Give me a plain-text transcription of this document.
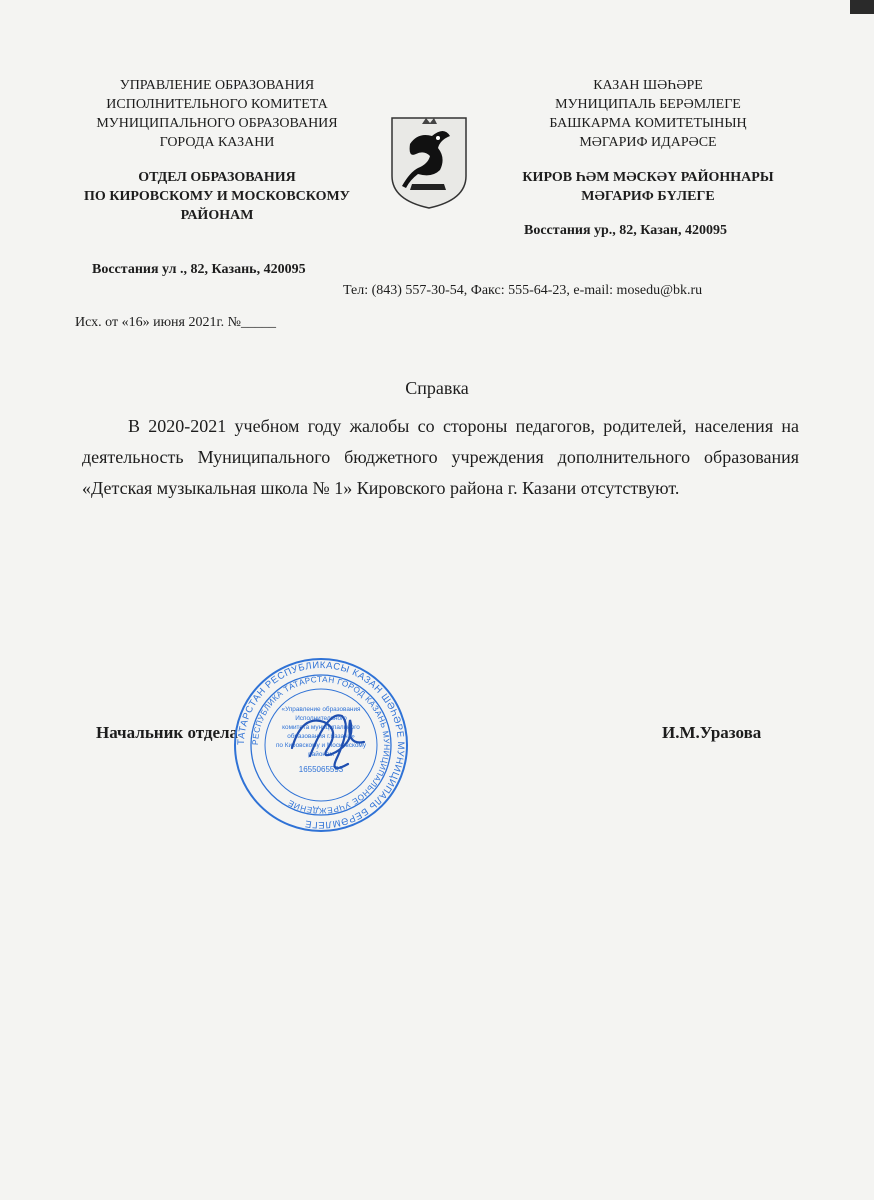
УПРАВЛЕНИЕ ОБРАЗОВАНИЯ
ИСПОЛНИТЕЛЬНОГО КОМИТЕТА
МУНИЦИПАЛЬНОГО ОБРАЗОВАНИЯ
ГОРОДА КАЗАНИ
ОТДЕЛ ОБРАЗОВАНИЯ
ПО КИРОВСКОМУ И МОСКОВСКОМУ
РАЙОНАМ
КАЗАН ШӘҺӘРЕ
МУНИЦИПАЛЬ БЕРӘМЛЕГЕ
БАШКАРМА КОМИТЕТЫНЫҢ
МӘГАРИФ ИДАРӘСЕ
КИРОВ ҺӘМ МӘСКӘҮ РАЙОННАРЫ
МӘГАРИФ БҮЛЕГЕ
Восстания ур., 82, Казан, 420095
Восстания ул ., 82, Казань, 420095
Тел: (843) 557-30-54, Факс: 555-64-23, e-mail: mosedu@bk.ru
Исх. от «16» июня 2021г. №_____
Справка
В 2020-2021 учебном году жалобы со стороны педагогов, родителей, населения на деятельность Муниципального бюджетного учреждения дополнительного образования «Детская музыкальная школа № 1» Кировского района г. Казани отсутствуют.
Начальник отдела	И.М.Уразова
ТАТАРСТАН РЕСПУБЛИКАСЫ КАЗАН ШӘҺӘРЕ МУНИЦИПАЛЬ БЕРӘМЛЕГЕ
РЕСПУБЛИКА ТАТАРСТАН ГОРОД КАЗАНЬ МУНИЦИПАЛЬНОЕ УЧРЕЖДЕНИЕ
«Управление образования
Исполнительного
комитета муниципального
образования г.Казани»
по Кировскому и Московскому
районам
1655065593
